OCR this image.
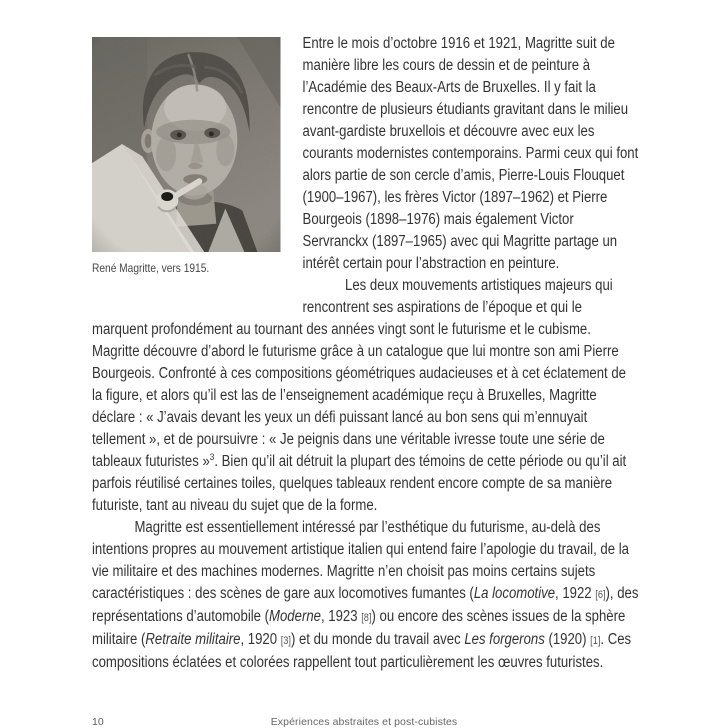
René Magritte, vers 1915.

Entre le mois d’octobre 1916 et 1921, Magritte suit de manière libre les cours de dessin et de peinture à l’Académie des Beaux-Arts de Bruxelles. Il y fait la rencontre de plusieurs étudiants gravitant dans le milieu avant-gardiste bruxellois et découvre avec eux les courants modernistes contemporains. Parmi ceux qui font alors partie de son cercle d’amis, Pierre-Louis Flouquet (1900–1967), les frères Victor (1897–1962) et Pierre Bourgeois (1898–1976) mais également Victor Servranckx (1897–1965) avec qui Magritte partage un intérêt certain pour l’abstraction en peinture.

Les deux mouvements artistiques majeurs qui rencontrent ses aspirations de l’époque et qui le marquent profondément au tournant des années vingt sont le futurisme et le cubisme. Magritte découvre d’abord le futurisme grâce à un catalogue que lui montre son ami Pierre Bourgeois. Confronté à ces compositions géométriques audacieuses et à cet éclatement de la figure, et alors qu’il est las de l’enseignement académique reçu à Bruxelles, Magritte déclare : « J’avais devant les yeux un défi puissant lancé au bon sens qui m’ennuyait tellement », et de poursuivre : « Je peignis dans une véritable ivresse toute une série de tableaux futuristes »$^3$. Bien qu’il ait détruit la plupart des témoins de cette période ou qu’il ait parfois réutilisé certaines toiles, quelques tableaux rendent encore compte de sa manière futuriste, tant au niveau du sujet que de la forme.

Magritte est essentiellement intéressé par l’esthétique du futurisme, au-delà des intentions propres au mouvement artistique italien qui entend faire l’apologie du travail, de la vie militaire et des machines modernes. Magritte n’en choisit pas moins certains sujets caractéristiques : des scènes de gare aux locomotives fumantes (La locomotive, 1922 [6]), des représentations d’automobile (Moderne, 1923 [8]) ou encore des scènes issues de la sphère militaire (Retraite militaire, 1920 [3]) et du monde du travail avec Les forgerons (1920) [1]. Ces compositions éclatées et colorées rappellent tout particulièrement les œuvres futuristes.

10	Expériences abstraites et post-cubistes
